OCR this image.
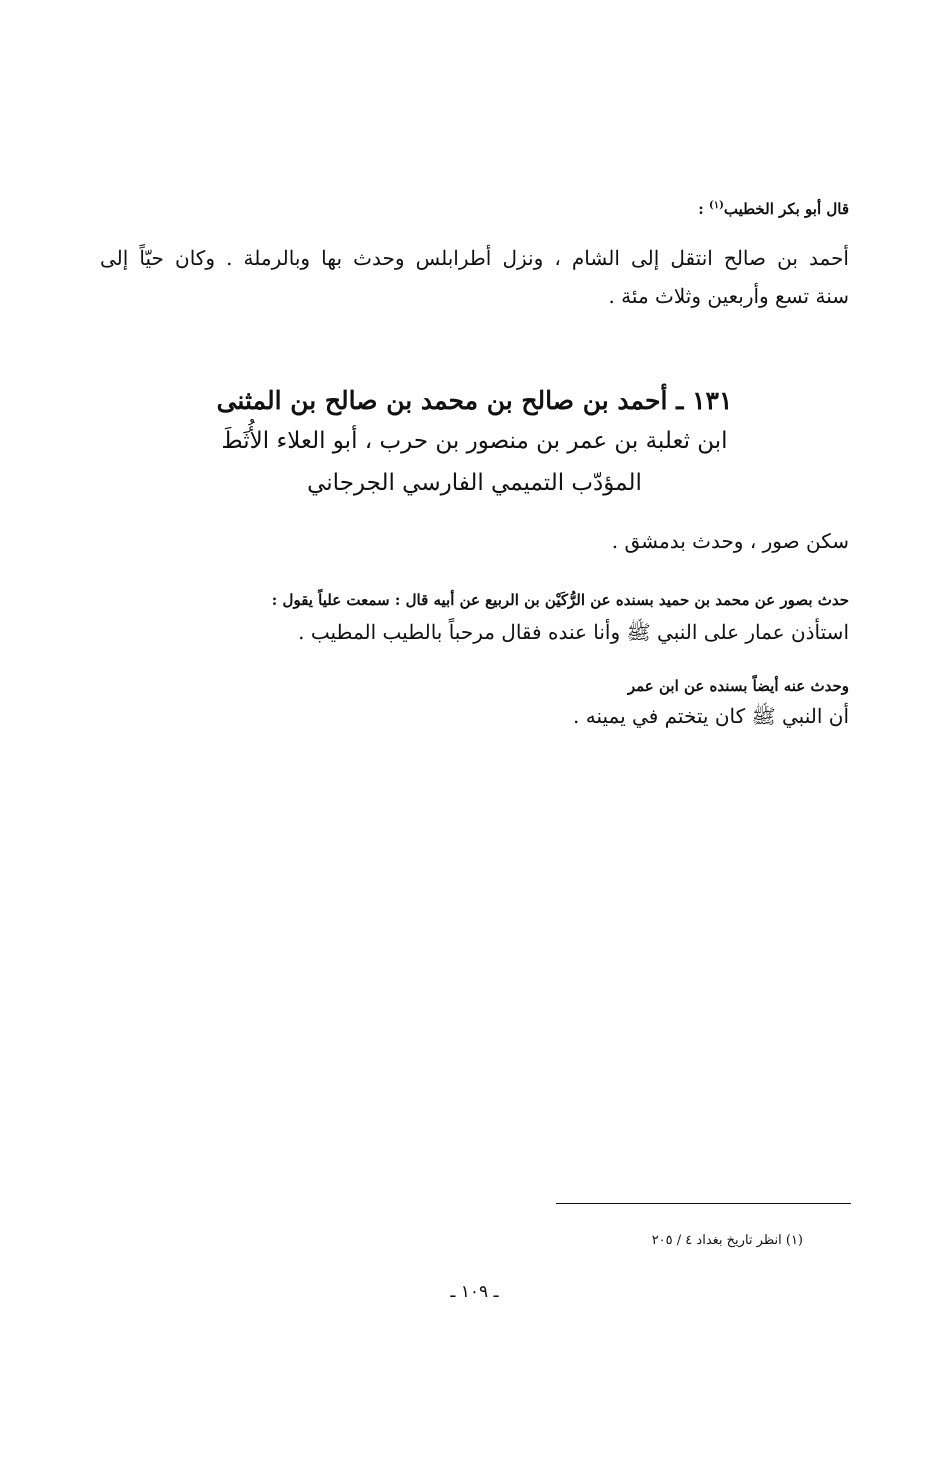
قال أبو بكر الخطيب$^{(١)}$ :
أحمد بن صالح انتقل إلى الشام ، ونزل أطرابلس وحدث بها وبالرملة . وكان حيّاً إلى
سنة تسع وأربعين وثلاث مئة .
١٣١ ـ أحمد بن صالح بن محمد بن صالح بن المثنى
ابن ثعلبة بن عمر بن منصور بن حرب ، أبو العلاء الأُثَطَ
المؤدّب التميمي الفارسي الجرجاني
سكن صور ، وحدث بدمشق .
حدث بصور عن محمد بن حميد بسنده عن الرُّكَيْن بن الربيع عن أبيه قال : سمعت علياً يقول :
استأذن عمار على النبي ﷺ وأنا عنده فقال مرحباً بالطيب المطيب .
وحدث عنه أيضاً بسنده عن ابن عمر
أن النبي ﷺ كان يتختم في يمينه .
(١) انظر تاريخ بغداد ٤ / ٢٠٥
ـ ١٠٩ ـ
